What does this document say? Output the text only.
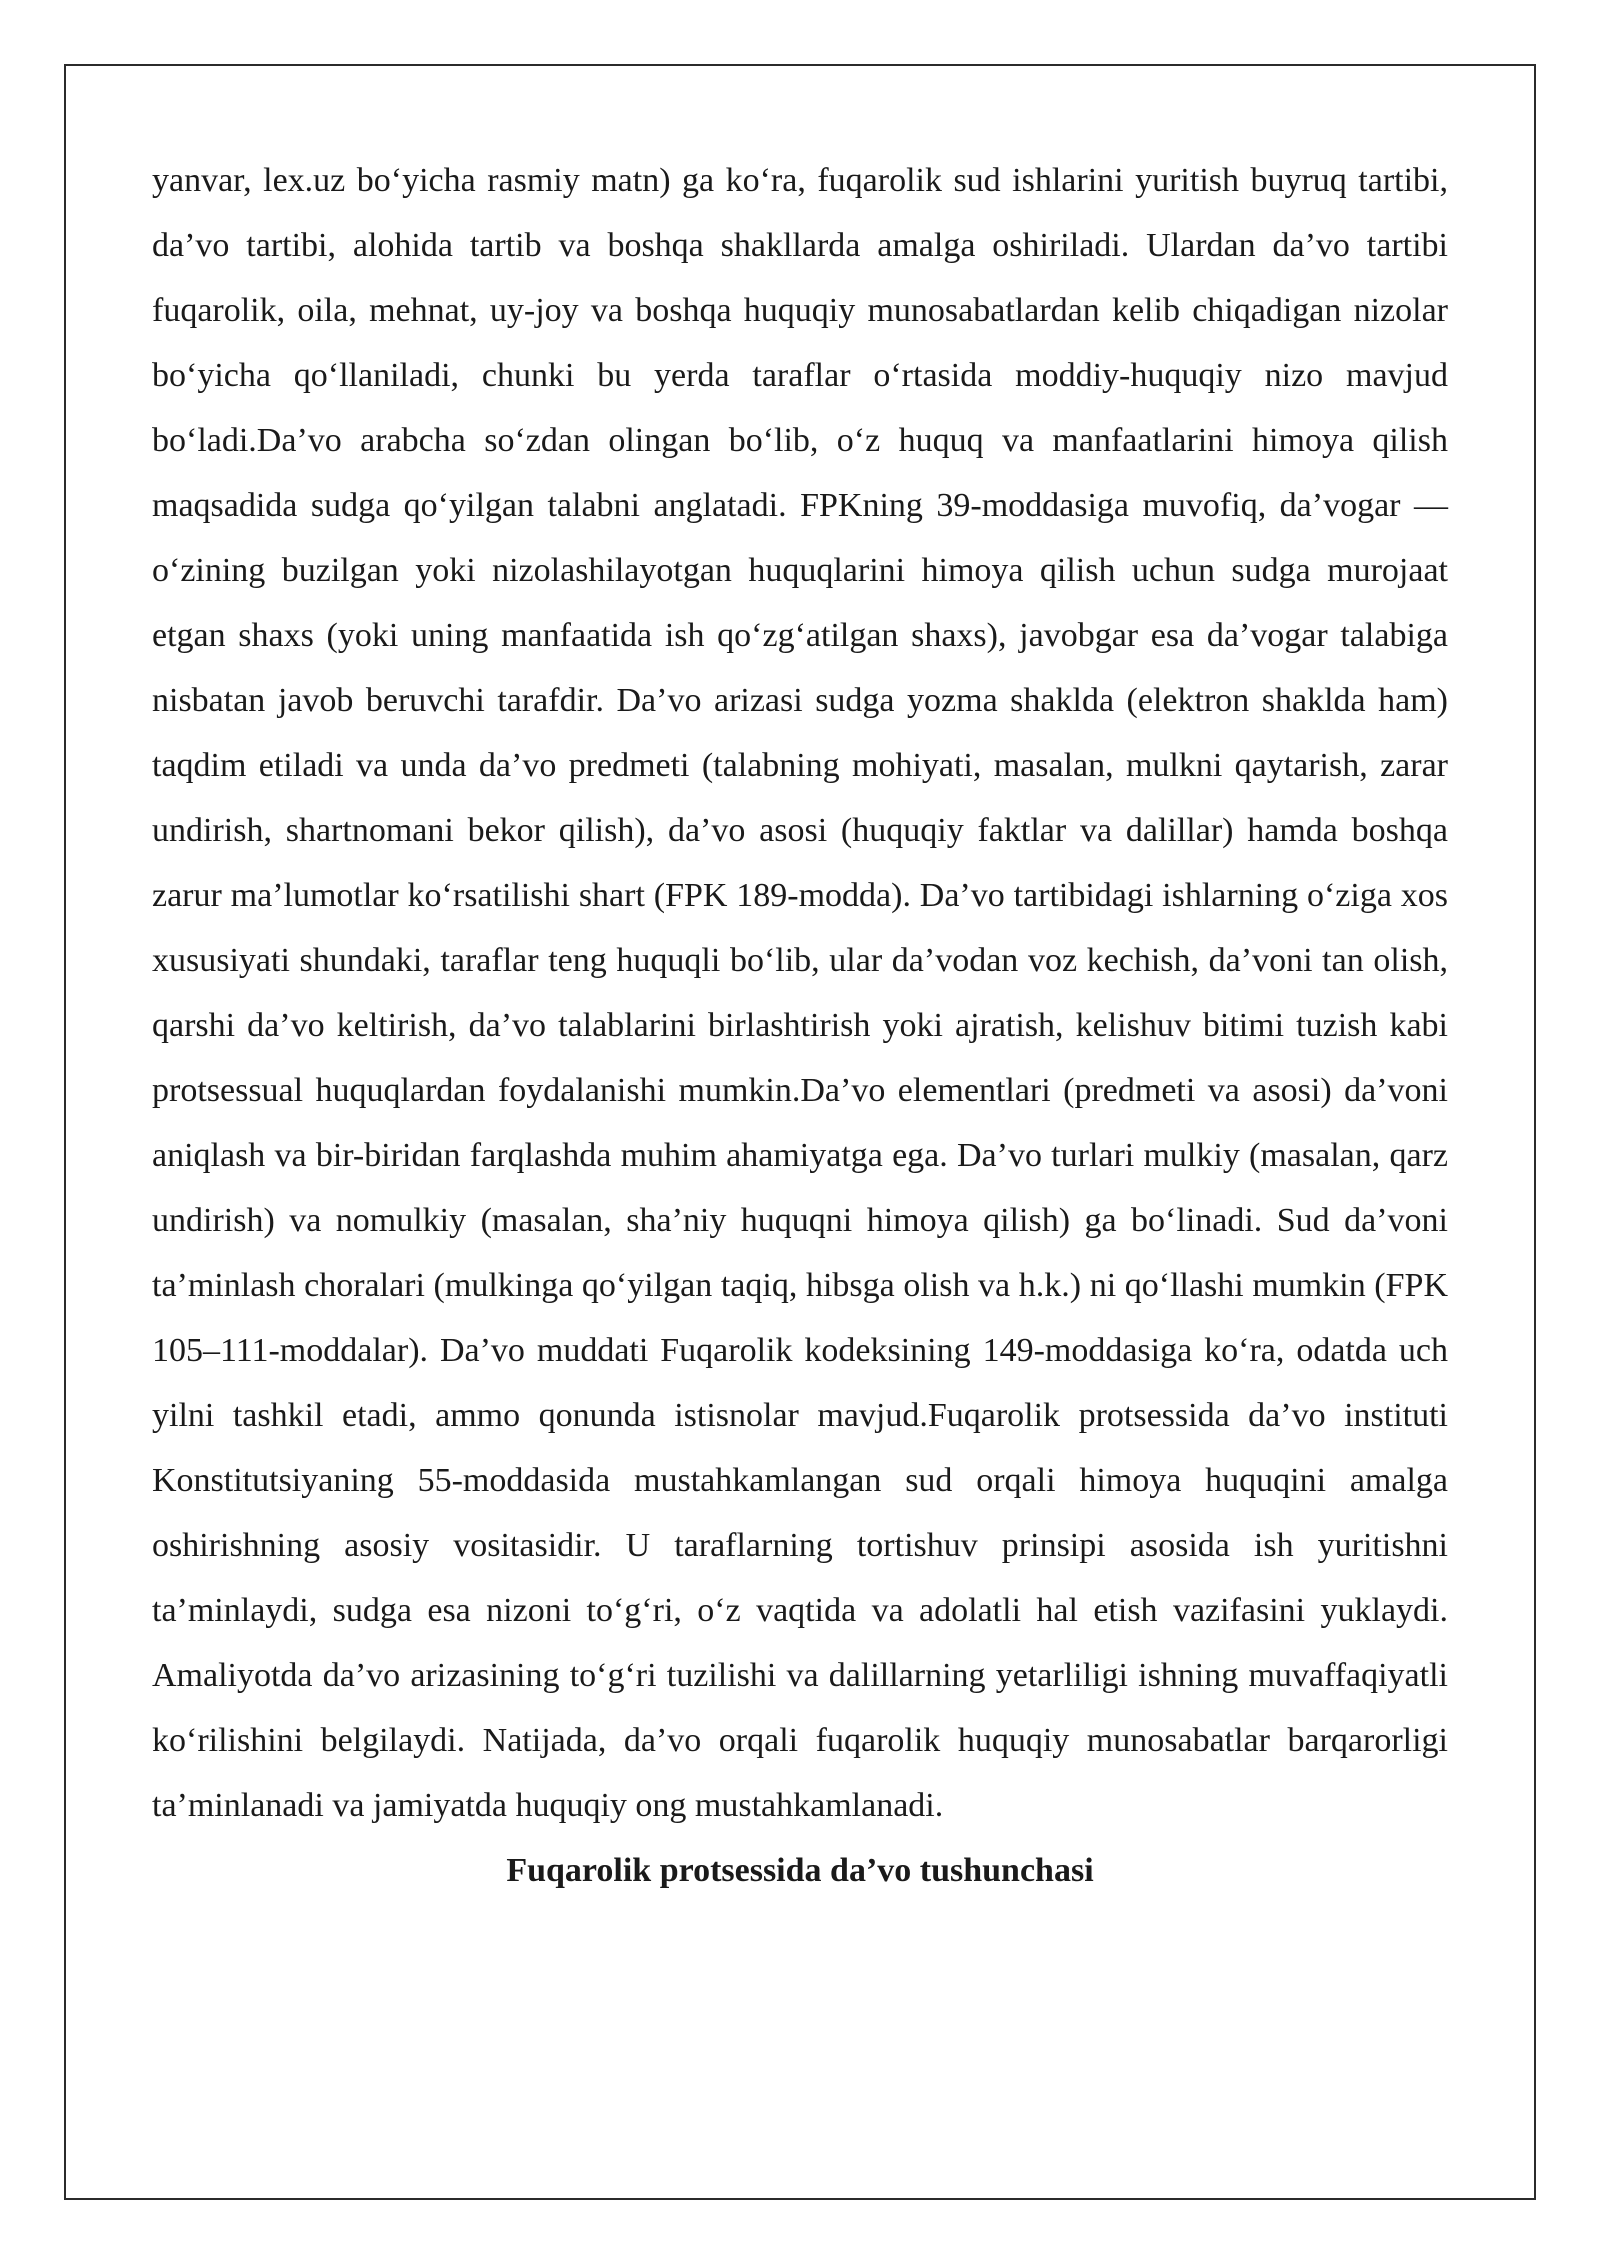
yanvar, lex.uz bo‘yicha rasmiy matn) ga ko‘ra, fuqarolik sud ishlarini yuritish buyruq tartibi, da’vo tartibi, alohida tartib va boshqa shakllarda amalga oshiriladi. Ulardan da’vo tartibi fuqarolik, oila, mehnat, uy-joy va boshqa huquqiy munosabatlardan kelib chiqadigan nizolar bo‘yicha qo‘llaniladi, chunki bu yerda taraflar o‘rtasida moddiy-huquqiy nizo mavjud bo‘ladi.Da’vo arabcha so‘zdan olingan bo‘lib, o‘z huquq va manfaatlarini himoya qilish maqsadida sudga qo‘yilgan talabni anglatadi. FPKning 39-moddasiga muvofiq, da’vogar — o‘zining buzilgan yoki nizolashilayotgan huquqlarini himoya qilish uchun sudga murojaat etgan shaxs (yoki uning manfaatida ish qo‘zg‘atilgan shaxs), javobgar esa da’vogar talabiga nisbatan javob beruvchi tarafdir. Da’vo arizasi sudga yozma shaklda (elektron shaklda ham) taqdim etiladi va unda da’vo predmeti (talabning mohiyati, masalan, mulkni qaytarish, zarar undirish, shartnomani bekor qilish), da’vo asosi (huquqiy faktlar va dalillar) hamda boshqa zarur ma’lumotlar ko‘rsatilishi shart (FPK 189-modda). Da’vo tartibidagi ishlarning o‘ziga xos xususiyati shundaki, taraflar teng huquqli bo‘lib, ular da’vodan voz kechish, da’voni tan olish, qarshi da’vo keltirish, da’vo talablarini birlashtirish yoki ajratish, kelishuv bitimi tuzish kabi protsessual huquqlardan foydalanishi mumkin.Da’vo elementlari (predmeti va asosi) da’voni aniqlash va bir-biridan farqlashda muhim ahamiyatga ega. Da’vo turlari mulkiy (masalan, qarz undirish) va nomulkiy (masalan, sha’niy huquqni himoya qilish) ga bo‘linadi. Sud da’voni ta’minlash choralari (mulkinga qo‘yilgan taqiq, hibsga olish va h.k.) ni qo‘llashi mumkin (FPK 105–111-moddalar). Da’vo muddati Fuqarolik kodeksining 149-moddasiga ko‘ra, odatda uch yilni tashkil etadi, ammo qonunda istisnolar mavjud.Fuqarolik protsessida da’vo instituti Konstitutsiyaning 55-moddasida mustahkamlangan sud orqali himoya huquqini amalga oshirishning asosiy vositasidir. U taraflarning tortishuv prinsipi asosida ish yuritishni ta’minlaydi, sudga esa nizoni to‘g‘ri, o‘z vaqtida va adolatli hal etish vazifasini yuklaydi. Amaliyotda da’vo arizasining to‘g‘ri tuzilishi va dalillarning yetarliligi ishning muvaffaqiyatli ko‘rilishini belgilaydi. Natijada, da’vo orqali fuqarolik huquqiy munosabatlar barqarorligi ta’minlanadi va jamiyatda huquqiy ong mustahkamlanadi.

Fuqarolik protsessida da’vo tushunchasi
